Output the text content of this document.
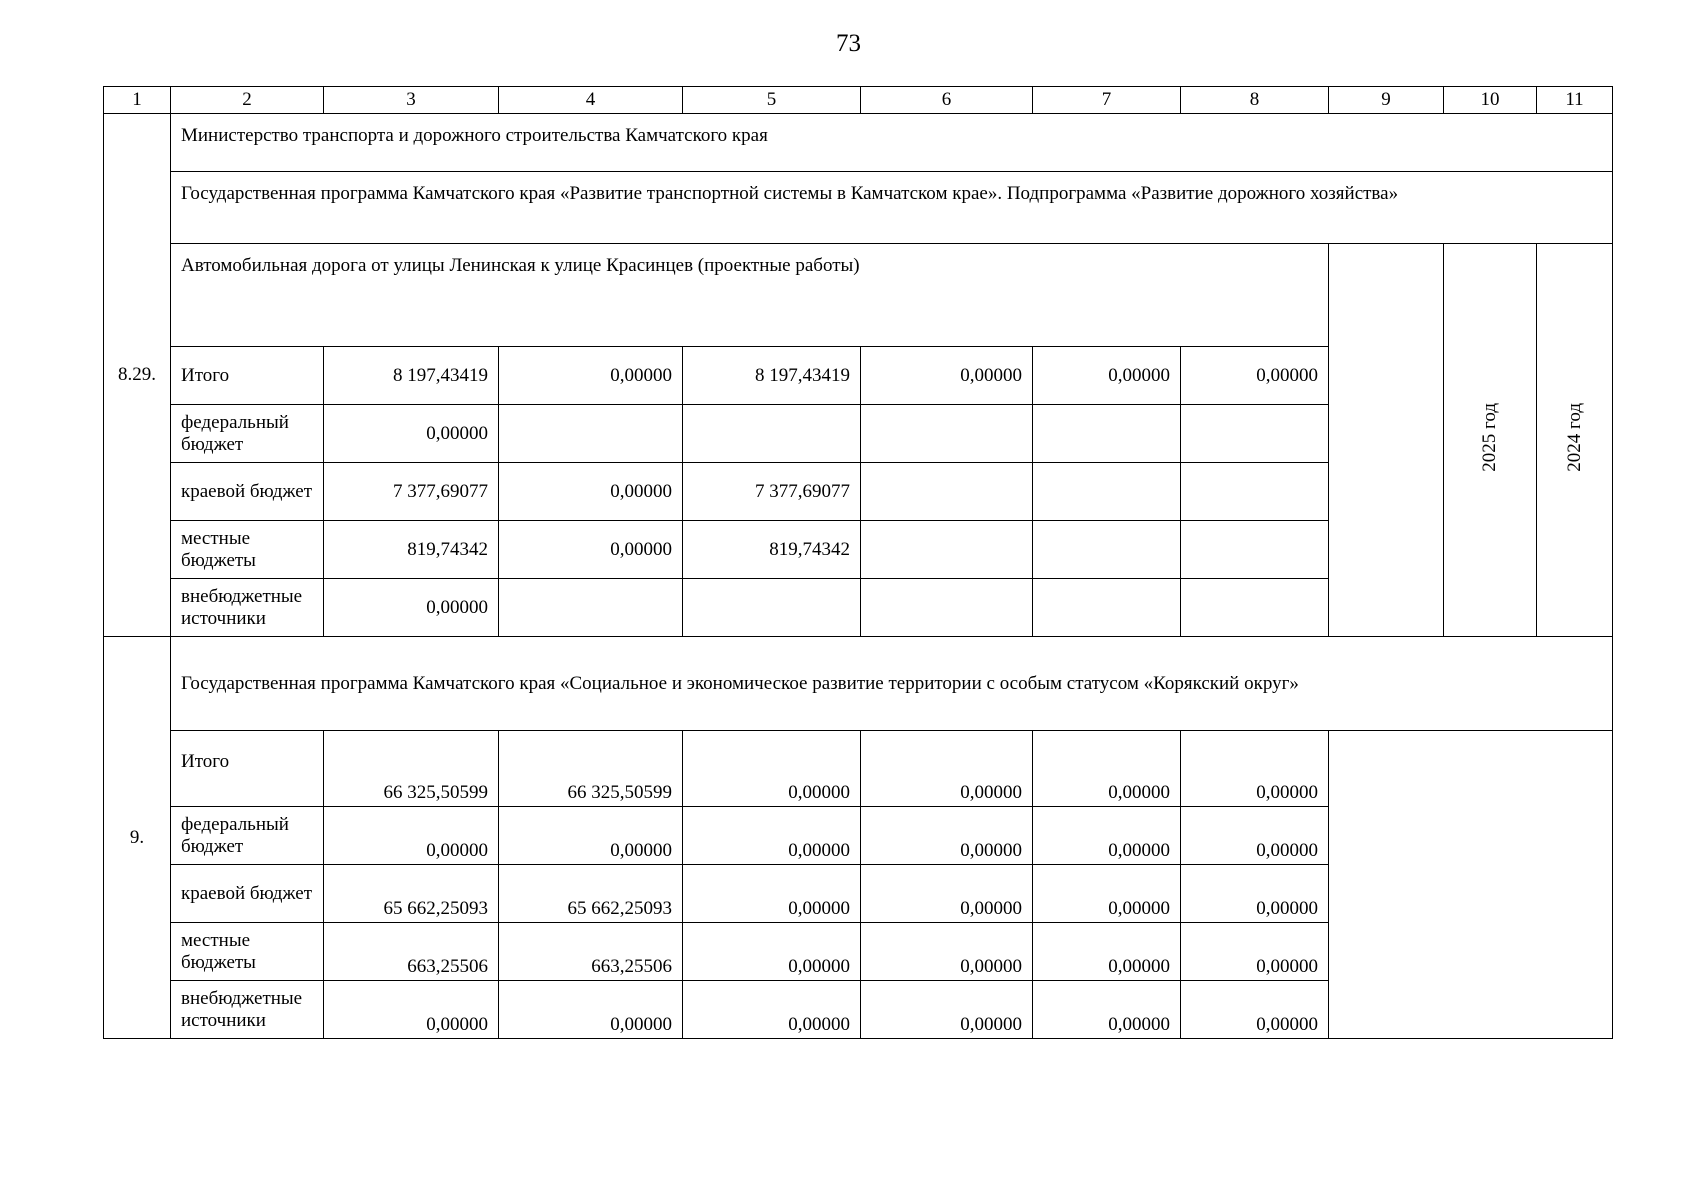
73
1	2	3	4	5	6	7	8	9	10	11
8.29.	Министерство транспорта и дорожного строительства Камчатского края									
	Государственная программа Камчатского края «Развитие транспортной системы в Камчатском крае». Подпрограмма «Развитие дорожного хозяйства»									
	Автомобильная дорога от улицы Ленинская к улице Красинцев (проектные работы)								2025 год	2024 год
	Итого	8 197,43419	0,00000	8 197,43419	0,00000	0,00000	0,00000			
	федеральный бюджет	0,00000								
	краевой бюджет	7 377,69077	0,00000	7 377,69077						
	местные бюджеты	819,74342	0,00000	819,74342						
	внебюджетные источники	0,00000								
9.	Государственная программа Камчатского края «Социальное и экономическое развитие территории с особым статусом «Корякский округ»									
	Итого	66 325,50599	66 325,50599	0,00000	0,00000	0,00000	0,00000			
	федеральный бюджет	0,00000	0,00000	0,00000	0,00000	0,00000	0,00000			
	краевой бюджет	65 662,25093	65 662,25093	0,00000	0,00000	0,00000	0,00000			
	местные бюджеты	663,25506	663,25506	0,00000	0,00000	0,00000	0,00000			
	внебюджетные источники	0,00000	0,00000	0,00000	0,00000	0,00000	0,00000			
